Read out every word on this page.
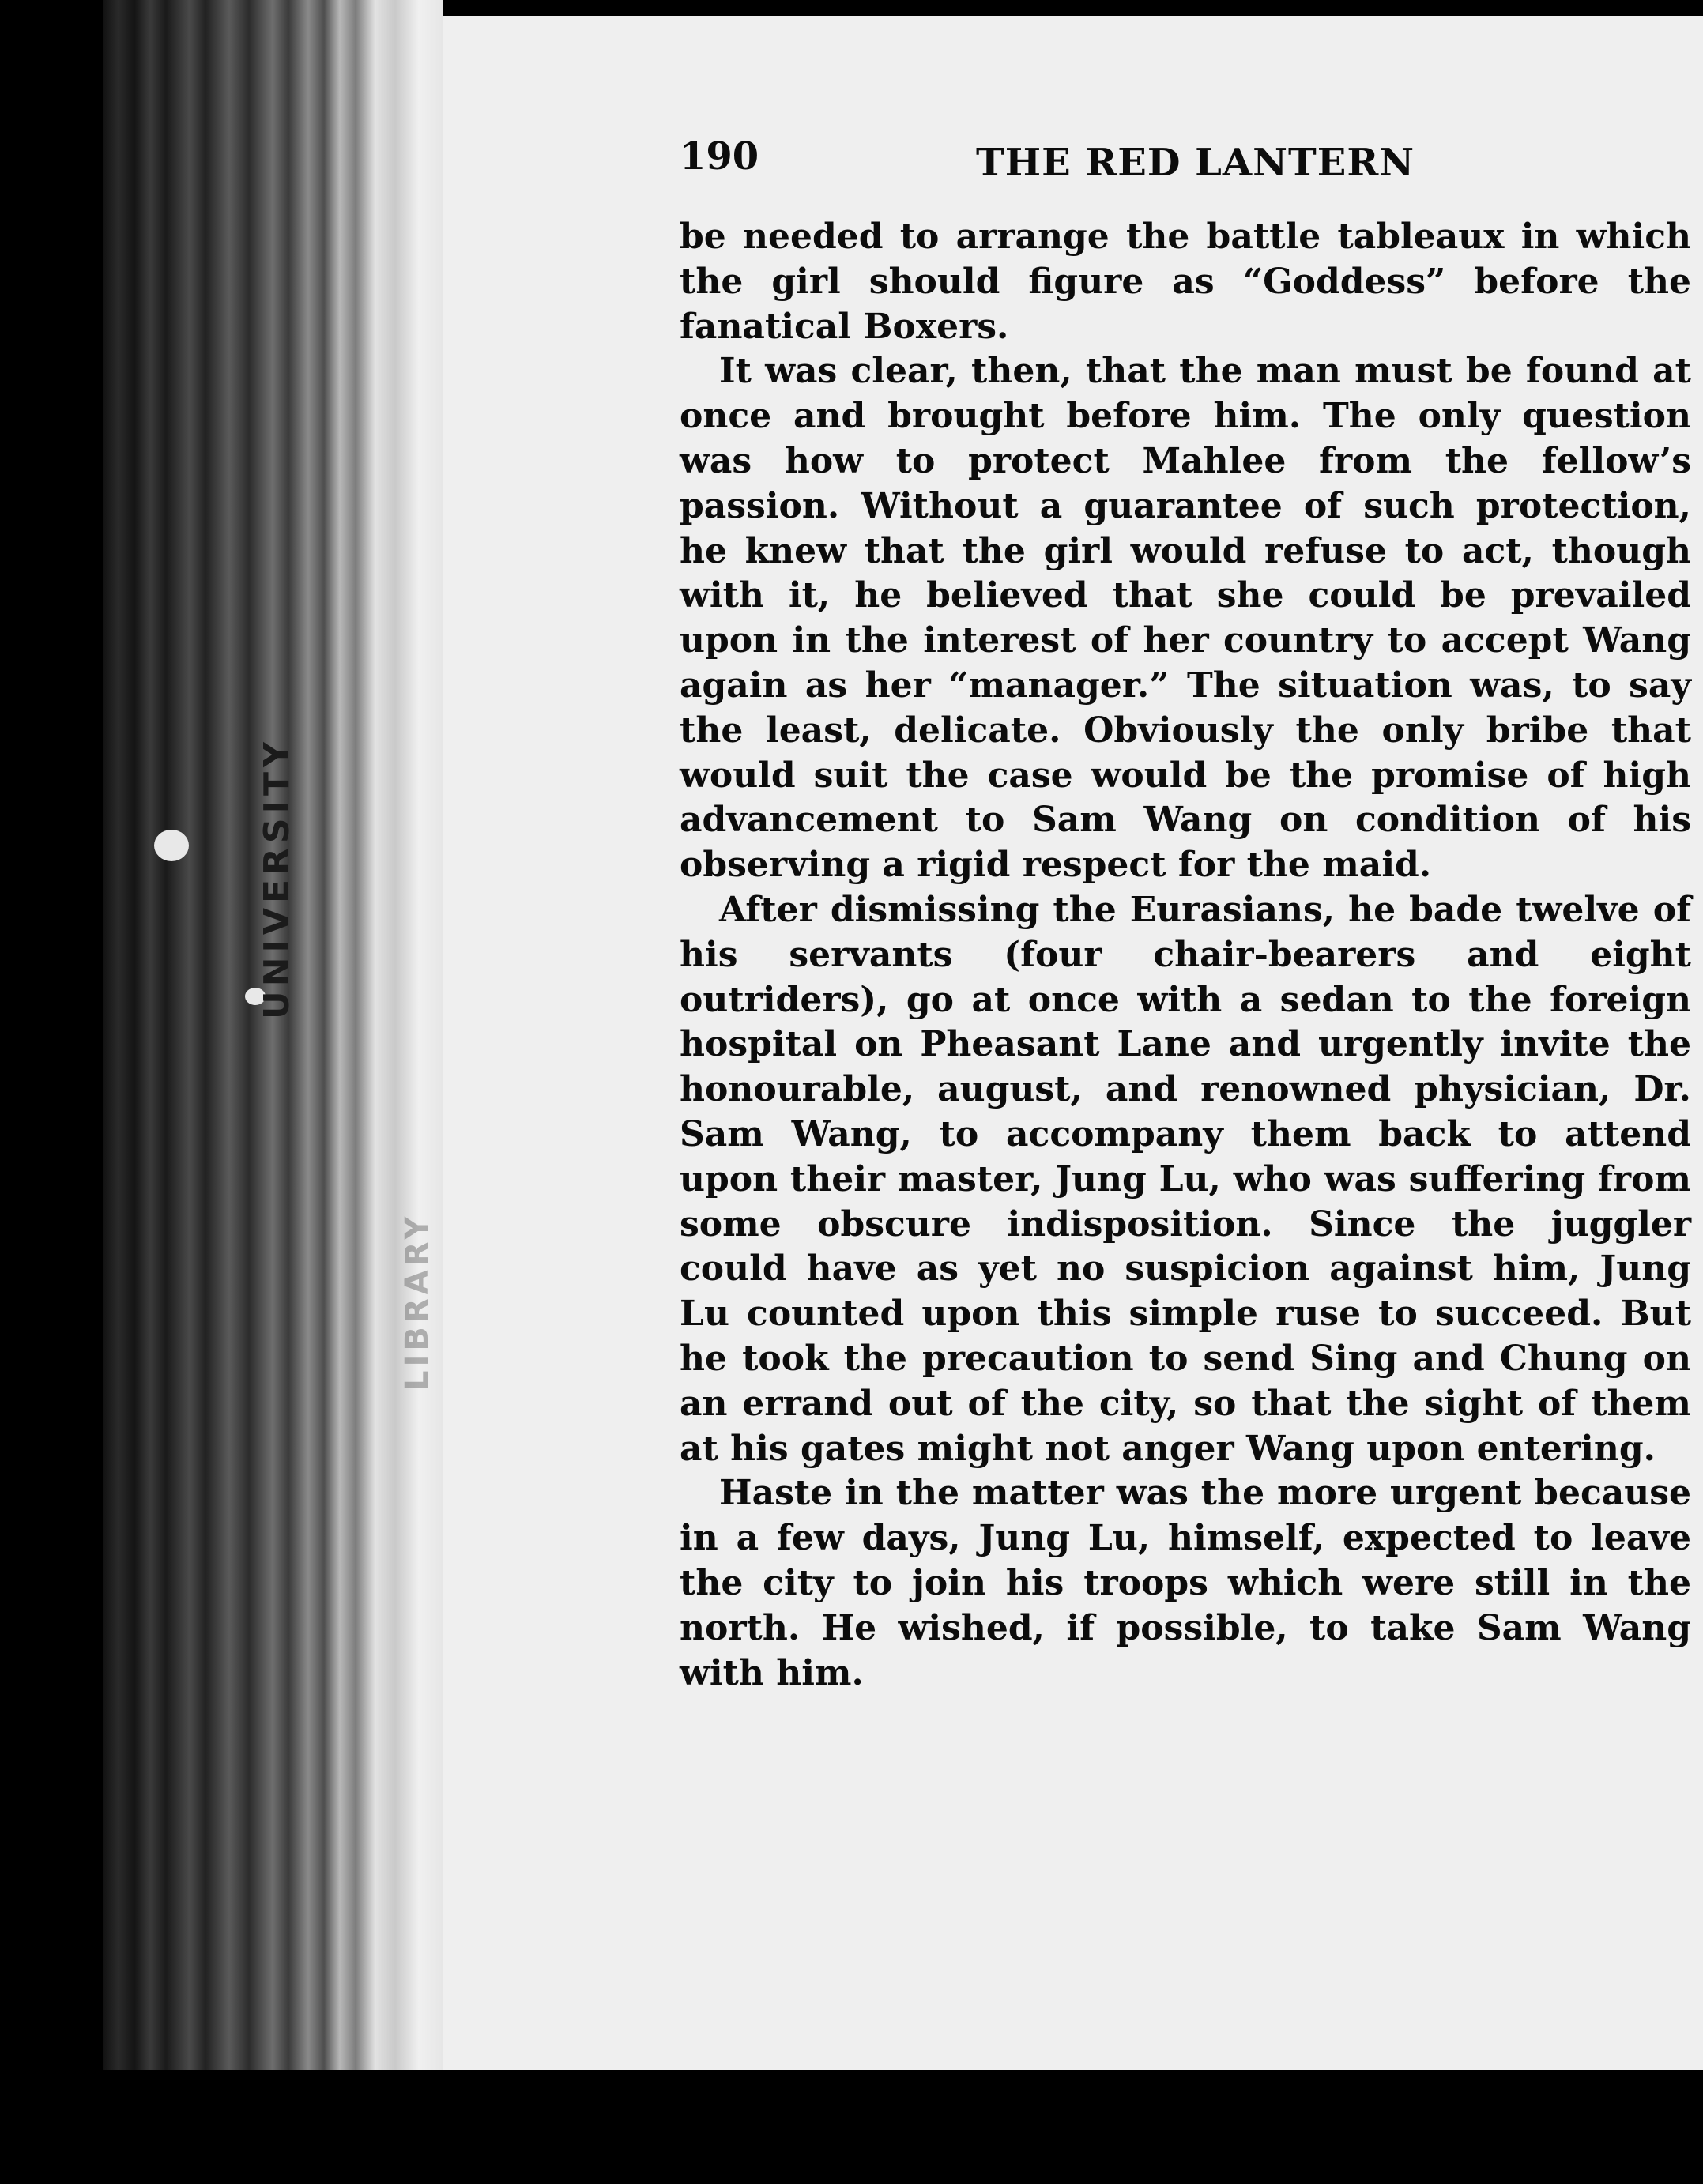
UNIVERSITY
LIBRARY
190	THE RED LANTERN

be needed to arrange the battle tableaux in which the girl should figure as “Goddess” before the fanatical Boxers.

It was clear, then, that the man must be found at once and brought before him. The only question was how to protect Mahlee from the fellow’s passion. Without a guarantee of such protection, he knew that the girl would refuse to act, though with it, he believed that she could be prevailed upon in the interest of her country to accept Wang again as her “manager.” The situation was, to say the least, delicate. Obviously the only bribe that would suit the case would be the promise of high advancement to Sam Wang on condition of his observing a rigid respect for the maid.

After dismissing the Eurasians, he bade twelve of his servants (four chair-bearers and eight outriders), go at once with a sedan to the foreign hospital on Pheasant Lane and urgently invite the honourable, august, and renowned physician, Dr. Sam Wang, to accompany them back to attend upon their master, Jung Lu, who was suffering from some obscure indisposition. Since the juggler could have as yet no suspicion against him, Jung Lu counted upon this simple ruse to succeed. But he took the precaution to send Sing and Chung on an errand out of the city, so that the sight of them at his gates might not anger Wang upon entering.

Haste in the matter was the more urgent because in a few days, Jung Lu, himself, expected to leave the city to join his troops which were still in the north. He wished, if possible, to take Sam Wang with him.
